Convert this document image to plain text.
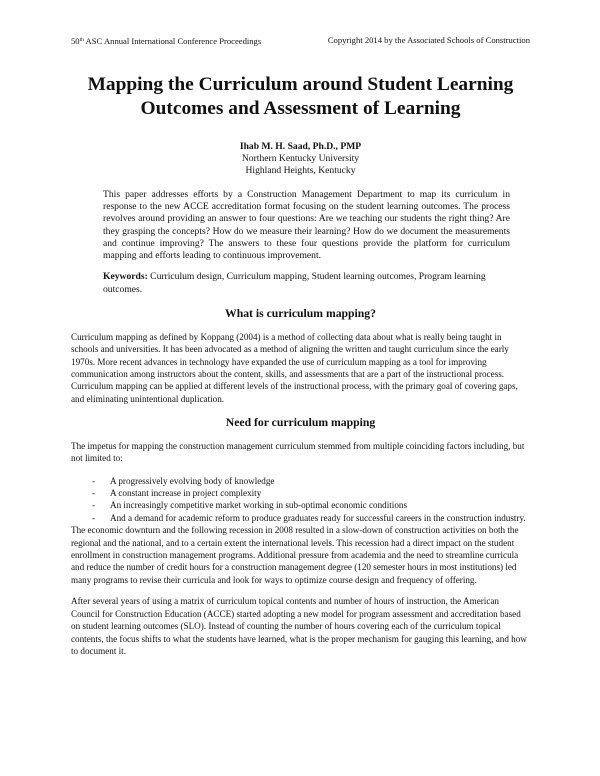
50th ASC Annual International Conference Proceedings	Copyright 2014 by the Associated Schools of Construction
Mapping the Curriculum around Student Learning
Outcomes and Assessment of Learning
Ihab M. H. Saad, Ph.D., PMP
Northern Kentucky University
Highland Heights, Kentucky

This paper addresses efforts by a Construction Management Department to map its curriculum in response to the new ACCE accreditation format focusing on the student learning outcomes. The process revolves around providing an answer to four questions: Are we teaching our students the right thing? Are they grasping the concepts? How do we measure their learning? How do we document the measurements and continue improving? The answers to these four questions provide the platform for curriculum mapping and efforts leading to continuous improvement.

Keywords: Curriculum design, Curriculum mapping, Student learning outcomes, Program learning outcomes.

What is curriculum mapping?

Curriculum mapping as defined by Koppang (2004) is a method of collecting data about what is really being taught in schools and universities. It has been advocated as a method of aligning the written and taught curriculum since the early 1970s. More recent advances in technology have expanded the use of curriculum mapping as a tool for improving communication among instructors about the content, skills, and assessments that are a part of the instructional process. Curriculum mapping can be applied at different levels of the instructional process, with the primary goal of covering gaps, and eliminating unintentional duplication.

Need for curriculum mapping

The impetus for mapping the construction management curriculum stemmed from multiple coinciding factors including, but not limited to:

- A progressively evolving body of knowledge
- A constant increase in project complexity
- An increasingly competitive market working in sub-optimal economic conditions
- And a demand for academic reform to produce graduates ready for successful careers in the construction industry.

The economic downturn and the following recession in 2008 resulted in a slow-down of construction activities on both the regional and the national, and to a certain extent the international levels. This recession had a direct impact on the student enrollment in construction management programs. Additional pressure from academia and the need to streamline curricula and reduce the number of credit hours for a construction management degree (120 semester hours in most institutions) led many programs to revise their curricula and look for ways to optimize course design and frequency of offering.

After several years of using a matrix of curriculum topical contents and number of hours of instruction, the American Council for Construction Education (ACCE) started adopting a new model for program assessment and accreditation based on student learning outcomes (SLO). Instead of counting the number of hours covering each of the curriculum topical contents, the focus shifts to what the students have learned, what is the proper mechanism for gauging this learning, and how to document it.
